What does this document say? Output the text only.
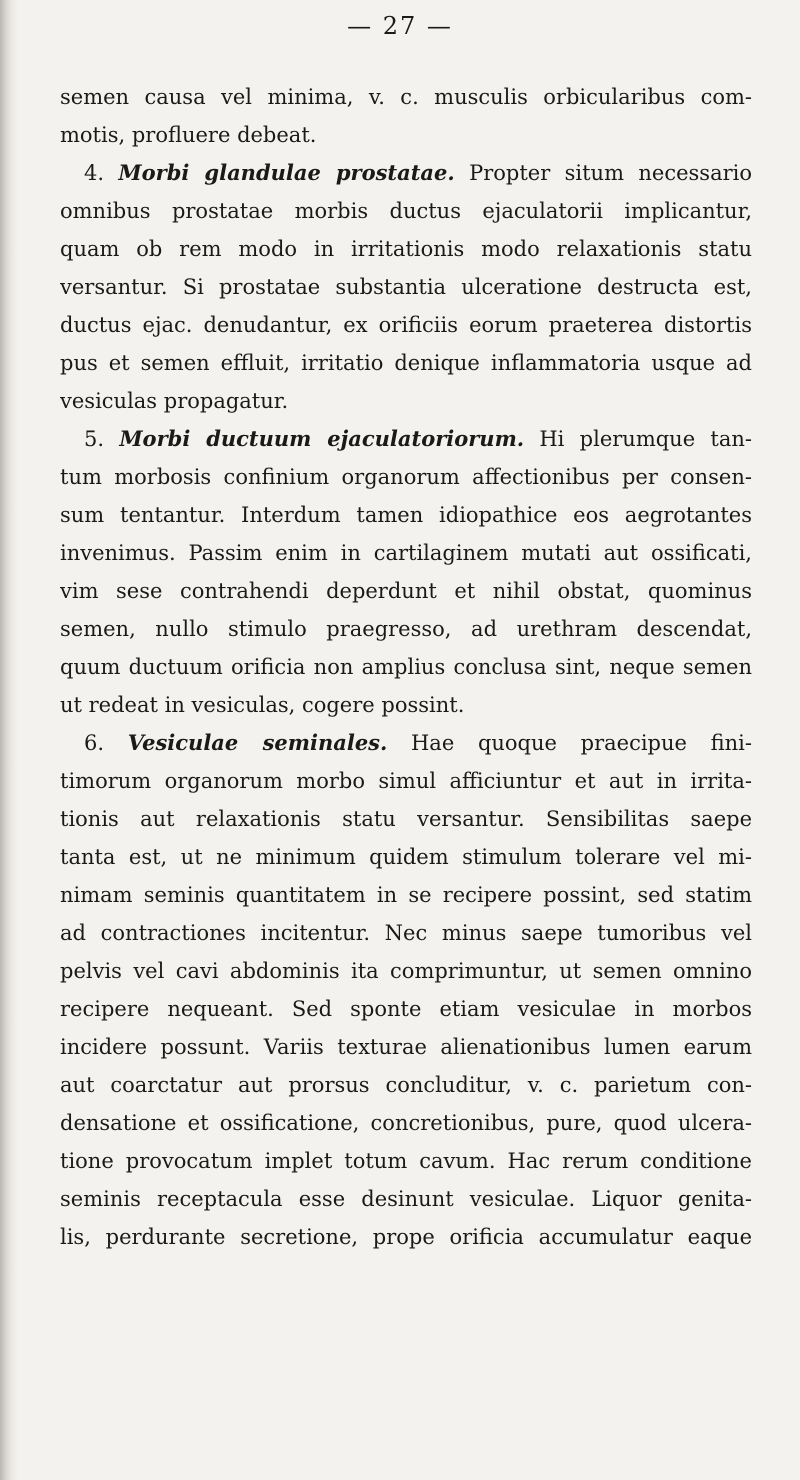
— 27 —
semen causa vel minima, v. c. musculis orbicularibus com-
motis, profluere debeat.
4. Morbi glandulae prostatae. Propter situm necessario
omnibus prostatae morbis ductus ejaculatorii implicantur,
quam ob rem modo in irritationis modo relaxationis statu
versantur. Si prostatae substantia ulceratione destructa est,
ductus ejac. denudantur, ex orificiis eorum praeterea distortis
pus et semen effluit, irritatio denique inflammatoria usque ad
vesiculas propagatur.
5. Morbi ductuum ejaculatoriorum. Hi plerumque tan-
tum morbosis confinium organorum affectionibus per consen-
sum tentantur. Interdum tamen idiopathice eos aegrotantes
invenimus. Passim enim in cartilaginem mutati aut ossificati,
vim sese contrahendi deperdunt et nihil obstat, quominus
semen, nullo stimulo praegresso, ad urethram descendat,
quum ductuum orificia non amplius conclusa sint, neque semen
ut redeat in vesiculas, cogere possint.
6. Vesiculae seminales. Hae quoque praecipue fini-
timorum organorum morbo simul afficiuntur et aut in irrita-
tionis aut relaxationis statu versantur. Sensibilitas saepe
tanta est, ut ne minimum quidem stimulum tolerare vel mi-
nimam seminis quantitatem in se recipere possint, sed statim
ad contractiones incitentur. Nec minus saepe tumoribus vel
pelvis vel cavi abdominis ita comprimuntur, ut semen omnino
recipere nequeant. Sed sponte etiam vesiculae in morbos
incidere possunt. Variis texturae alienationibus lumen earum
aut coarctatur aut prorsus concluditur, v. c. parietum con-
densatione et ossificatione, concretionibus, pure, quod ulcera-
tione provocatum implet totum cavum. Hac rerum conditione
seminis receptacula esse desinunt vesiculae. Liquor genita-
lis, perdurante secretione, prope orificia accumulatur eaque
